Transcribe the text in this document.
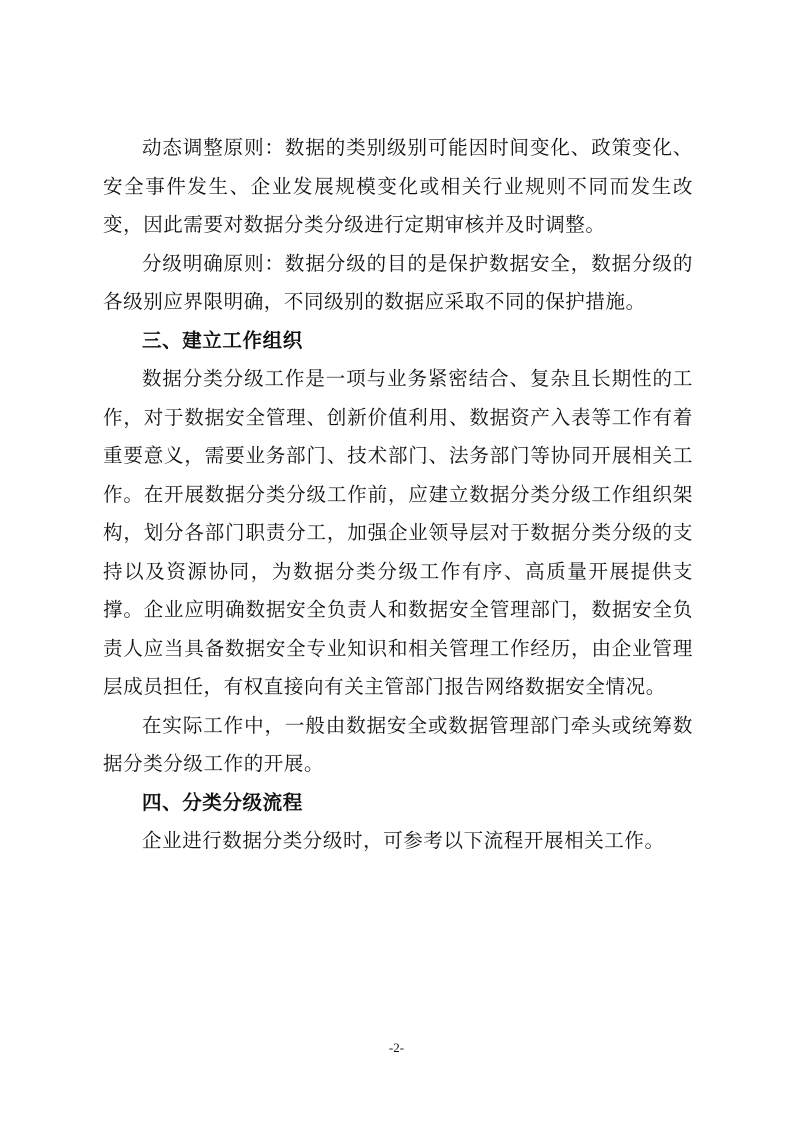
动态调整原则：数据的类别级别可能因时间变化、政策变化、安全事件发生、企业发展规模变化或相关行业规则不同而发生改变，因此需要对数据分类分级进行定期审核并及时调整。

分级明确原则：数据分级的目的是保护数据安全，数据分级的各级别应界限明确，不同级别的数据应采取不同的保护措施。

三、建立工作组织

数据分类分级工作是一项与业务紧密结合、复杂且长期性的工作，对于数据安全管理、创新价值利用、数据资产入表等工作有着重要意义，需要业务部门、技术部门、法务部门等协同开展相关工作。在开展数据分类分级工作前，应建立数据分类分级工作组织架构，划分各部门职责分工，加强企业领导层对于数据分类分级的支持以及资源协同，为数据分类分级工作有序、高质量开展提供支撑。企业应明确数据安全负责人和数据安全管理部门，数据安全负责人应当具备数据安全专业知识和相关管理工作经历，由企业管理层成员担任，有权直接向有关主管部门报告网络数据安全情况。

在实际工作中，一般由数据安全或数据管理部门牵头或统筹数据分类分级工作的开展。

四、分类分级流程

企业进行数据分类分级时，可参考以下流程开展相关工作。

-2-
